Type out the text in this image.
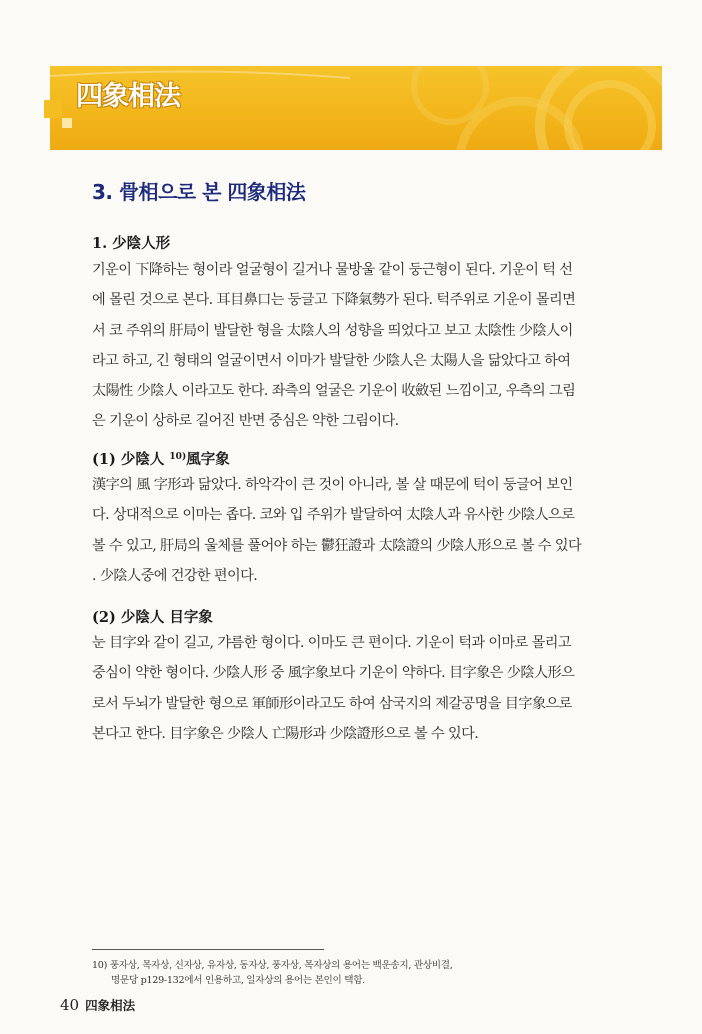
四象相法
3. 骨相으로 본 四象相法
1. 少陰人形
기운이 下降하는 형이라 얼굴형이 길거나 물방울 같이 둥근형이 된다. 기운이 턱 선
에 몰린 것으로 본다. 耳目鼻口는 둥글고 下降氣勢가 된다. 턱주위로 기운이 몰리면
서 코 주위의 肝局이 발달한 형을 太陰人의 성향을 띄었다고 보고 太陰性 少陰人이
라고 하고, 긴 형태의 얼굴이면서 이마가 발달한 少陰人은 太陽人을 닮았다고 하여
太陽性 少陰人 이라고도 한다. 좌측의 얼굴은 기운이 收斂된 느낌이고, 우측의 그림
은 기운이 상하로 길어진 반면 중심은 약한 그림이다.
(1) 少陰人 $^{10)}$風字象
漢字의 風 字形과 닮았다. 하악각이 큰 것이 아니라, 볼 살 때문에 턱이 둥글어 보인
다. 상대적으로 이마는 좁다. 코와 입 주위가 발달하여 太陰人과 유사한 少陰人으로
볼 수 있고, 肝局의 울체를 풀어야 하는 鬱狂證과 太陰證의 少陰人形으로 볼 수 있다
. 少陰人중에 건강한 편이다.
(2) 少陰人 目字象
눈 目字와 같이 길고, 갸름한 형이다. 이마도 큰 편이다. 기운이 턱과 이마로 몰리고
중심이 약한 형이다. 少陰人形 중 風字象보다 기운이 약하다. 目字象은 少陰人形으
로서 두뇌가 발달한 형으로 軍師形이라고도 하여 삼국지의 제갈공명을 目字象으로
본다고 한다. 目字象은 少陰人 亡陽形과 少陰證形으로 볼 수 있다.
10) 풍자상, 목자상, 신자상, 유자상, 동자상, 풍자상, 목자상의 용어는 백운송지, 관상비결,
명문당 p129-132에서 인용하고, 일자상의 용어는 본인이 택함.
40 四象相法
